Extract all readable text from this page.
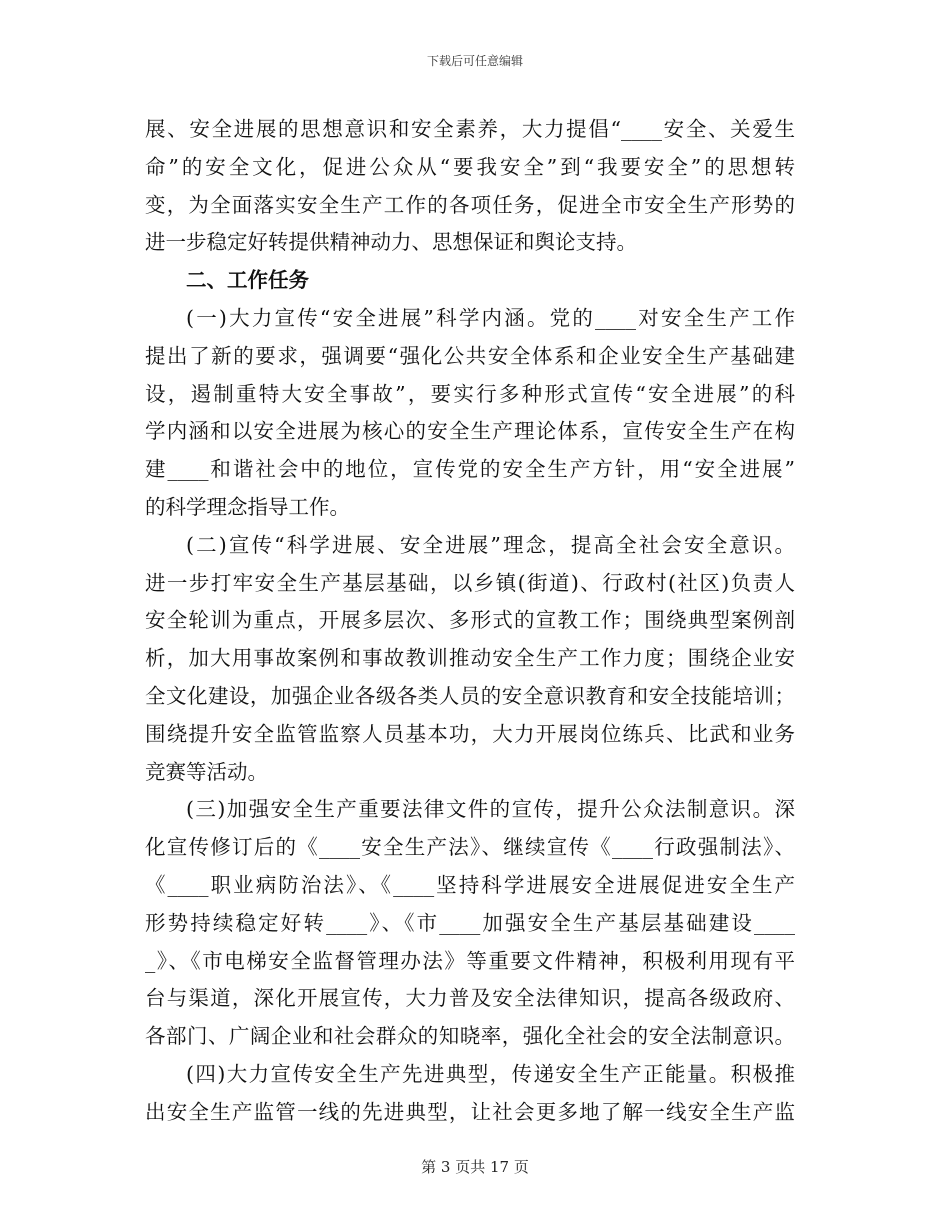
下载后可任意编辑
展、安全进展的思想意识和安全素养，大力提倡“____安全、关爱生
命”的安全文化，促进公众从“要我安全”到“我要安全”的思想转
变，为全面落实安全生产工作的各项任务，促进全市安全生产形势的
进一步稳定好转提供精神动力、思想保证和舆论支持。
二、工作任务
(一)大力宣传“安全进展”科学内涵。党的____对安全生产工作
提出了新的要求，强调要“强化公共安全体系和企业安全生产基础建
设，遏制重特大安全事故”，要实行多种形式宣传“安全进展”的科
学内涵和以安全进展为核心的安全生产理论体系，宣传安全生产在构
建____和谐社会中的地位，宣传党的安全生产方针，用“安全进展”
的科学理念指导工作。
(二)宣传“科学进展、安全进展”理念，提高全社会安全意识。
进一步打牢安全生产基层基础，以乡镇(街道)、行政村(社区)负责人
安全轮训为重点，开展多层次、多形式的宣教工作；围绕典型案例剖
析，加大用事故案例和事故教训推动安全生产工作力度；围绕企业安
全文化建设，加强企业各级各类人员的安全意识教育和安全技能培训；
围绕提升安全监管监察人员基本功，大力开展岗位练兵、比武和业务
竞赛等活动。
(三)加强安全生产重要法律文件的宣传，提升公众法制意识。深
化宣传修订后的《____安全生产法》、继续宣传《____行政强制法》、
《____职业病防治法》、《____坚持科学进展安全进展促进安全生产
形势持续稳定好转____》、《市____加强安全生产基层基础建设____
_》、《市电梯安全监督管理办法》等重要文件精神，积极利用现有平
台与渠道，深化开展宣传，大力普及安全法律知识，提高各级政府、
各部门、广阔企业和社会群众的知晓率，强化全社会的安全法制意识。
(四)大力宣传安全生产先进典型，传递安全生产正能量。积极推
出安全生产监管一线的先进典型，让社会更多地了解一线安全生产监
第 3 页共 17 页
